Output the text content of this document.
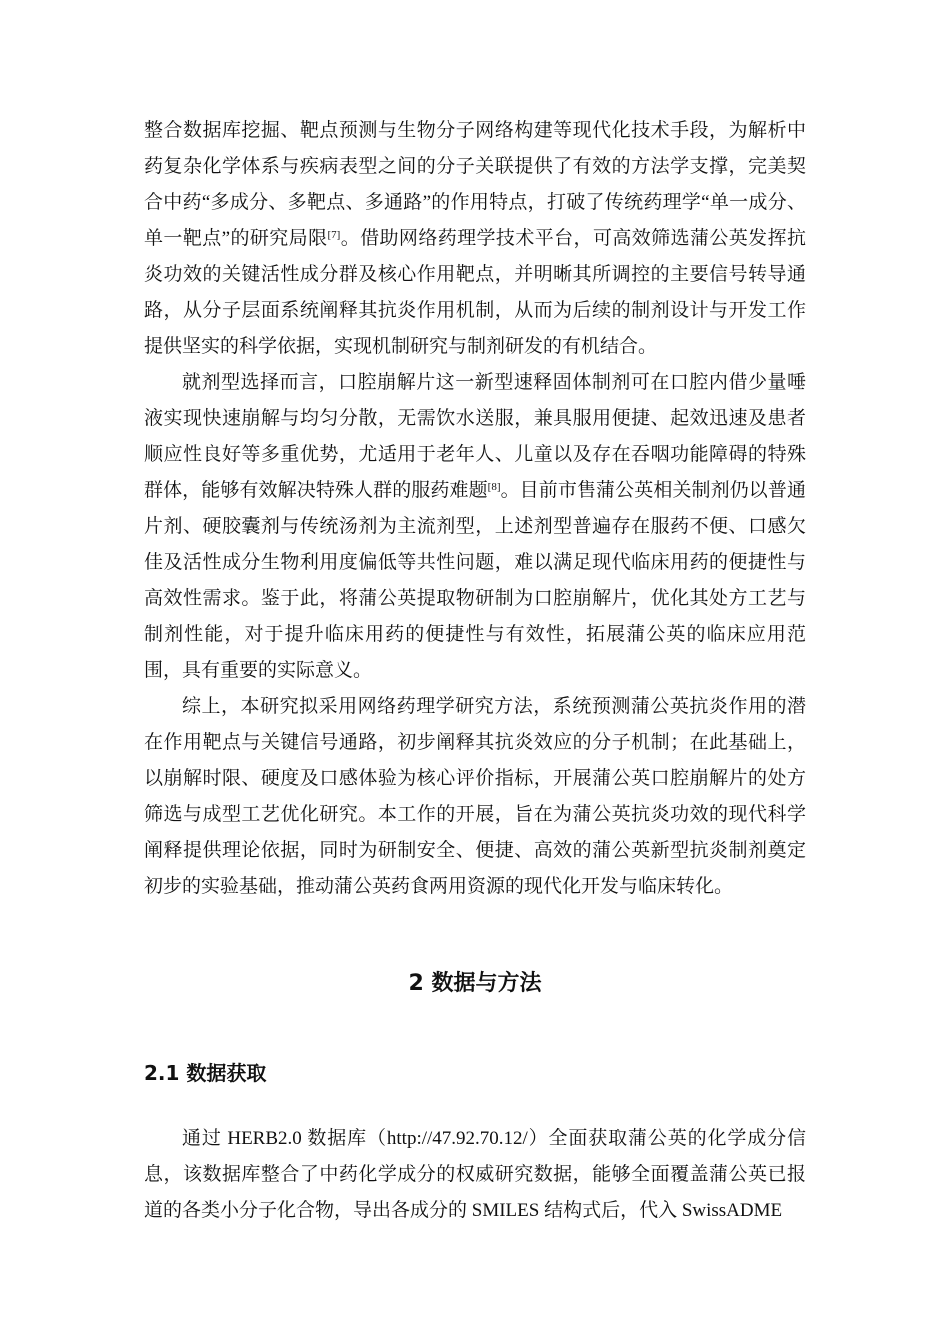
整合数据库挖掘、靶点预测与生物分子网络构建等现代化技术手段，为解析中药复杂化学体系与疾病表型之间的分子关联提供了有效的方法学支撑，完美契合中药“多成分、多靶点、多通路”的作用特点，打破了传统药理学“单一成分、单一靶点”的研究局限[7]。借助网络药理学技术平台，可高效筛选蒲公英发挥抗炎功效的关键活性成分群及核心作用靶点，并明晰其所调控的主要信号转导通路，从分子层面系统阐释其抗炎作用机制，从而为后续的制剂设计与开发工作提供坚实的科学依据，实现机制研究与制剂研发的有机结合。

就剂型选择而言，口腔崩解片这一新型速释固体制剂可在口腔内借少量唾液实现快速崩解与均匀分散，无需饮水送服，兼具服用便捷、起效迅速及患者顺应性良好等多重优势，尤适用于老年人、儿童以及存在吞咽功能障碍的特殊群体，能够有效解决特殊人群的服药难题[8]。目前市售蒲公英相关制剂仍以普通片剂、硬胶囊剂与传统汤剂为主流剂型，上述剂型普遍存在服药不便、口感欠佳及活性成分生物利用度偏低等共性问题，难以满足现代临床用药的便捷性与高效性需求。鉴于此，将蒲公英提取物研制为口腔崩解片，优化其处方工艺与制剂性能，对于提升临床用药的便捷性与有效性，拓展蒲公英的临床应用范围，具有重要的实际意义。

综上，本研究拟采用网络药理学研究方法，系统预测蒲公英抗炎作用的潜在作用靶点与关键信号通路，初步阐释其抗炎效应的分子机制；在此基础上，以崩解时限、硬度及口感体验为核心评价指标，开展蒲公英口腔崩解片的处方筛选与成型工艺优化研究。本工作的开展，旨在为蒲公英抗炎功效的现代科学阐释提供理论依据，同时为研制安全、便捷、高效的蒲公英新型抗炎制剂奠定初步的实验基础，推动蒲公英药食两用资源的现代化开发与临床转化。

2 数据与方法
2.1 数据获取

通过 HERB2.0 数据库（http://47.92.70.12/）全面获取蒲公英的化学成分信息，该数据库整合了中药化学成分的权威研究数据，能够全面覆盖蒲公英已报道的各类小分子化合物，导出各成分的 SMILES 结构式后，代入 SwissADME
